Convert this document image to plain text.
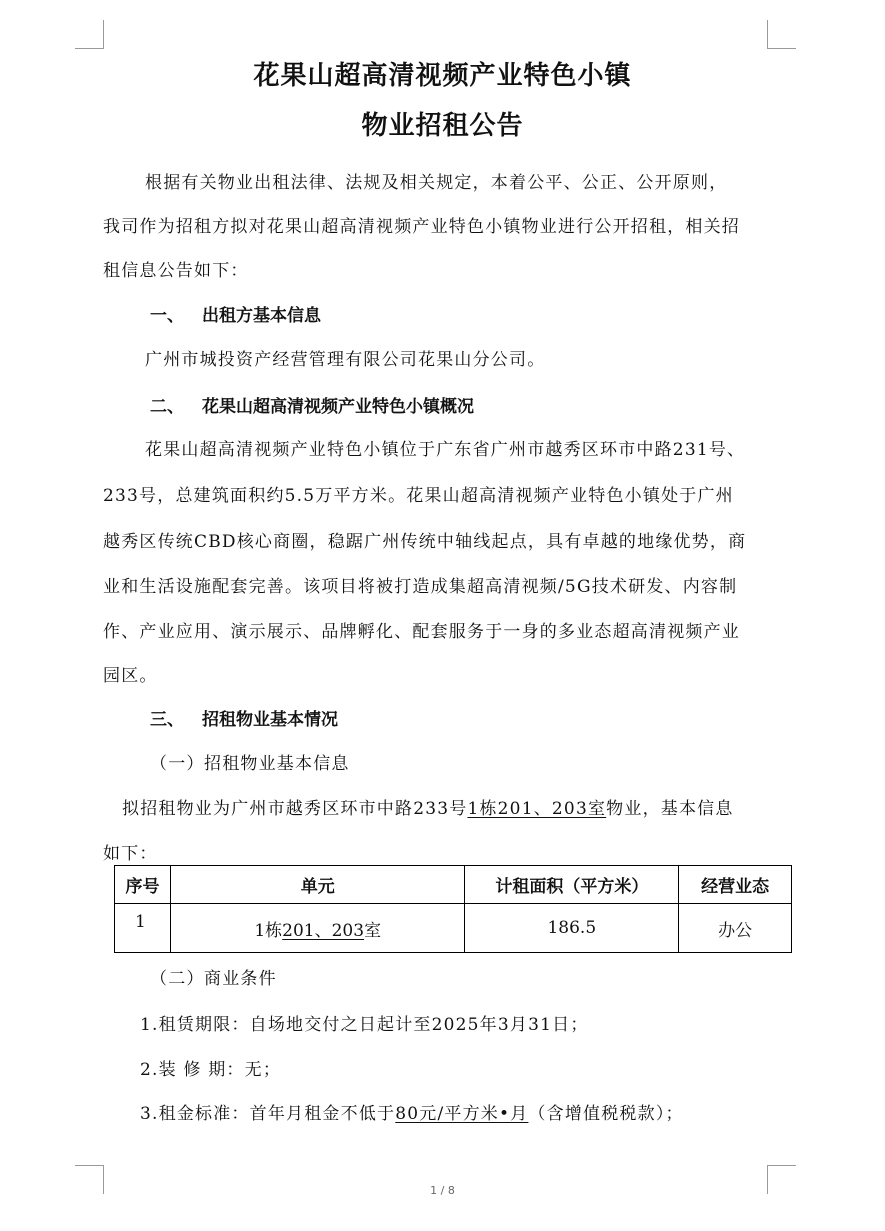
花果山超高清视频产业特色小镇
物业招租公告
根据有关物业出租法律、法规及相关规定，本着公平、公正、公开原则，
我司作为招租方拟对花果山超高清视频产业特色小镇物业进行公开招租，相关招
租信息公告如下：
一、 出租方基本信息
广州市城投资产经营管理有限公司花果山分公司。
二、 花果山超高清视频产业特色小镇概况
花果山超高清视频产业特色小镇位于广东省广州市越秀区环市中路231号、
233号，总建筑面积约5.5万平方米。花果山超高清视频产业特色小镇处于广州
越秀区传统CBD核心商圈，稳踞广州传统中轴线起点，具有卓越的地缘优势，商
业和生活设施配套完善。该项目将被打造成集超高清视频/5G技术研发、内容制
作、产业应用、演示展示、品牌孵化、配套服务于一身的多业态超高清视频产业
园区。
三、 招租物业基本情况
（一）招租物业基本信息
拟招租物业为广州市越秀区环市中路233号1栋201、203室物业，基本信息
如下：
序号	单元	计租面积（平方米）	经营业态
1	1栋201、203室	186.5	办公
（二）商业条件
1.租赁期限：自场地交付之日起计至2025年3月31日；
2.装 修 期：无；
3.租金标准：首年月租金不低于80元/平方米•月（含增值税税款）；
1 / 8
